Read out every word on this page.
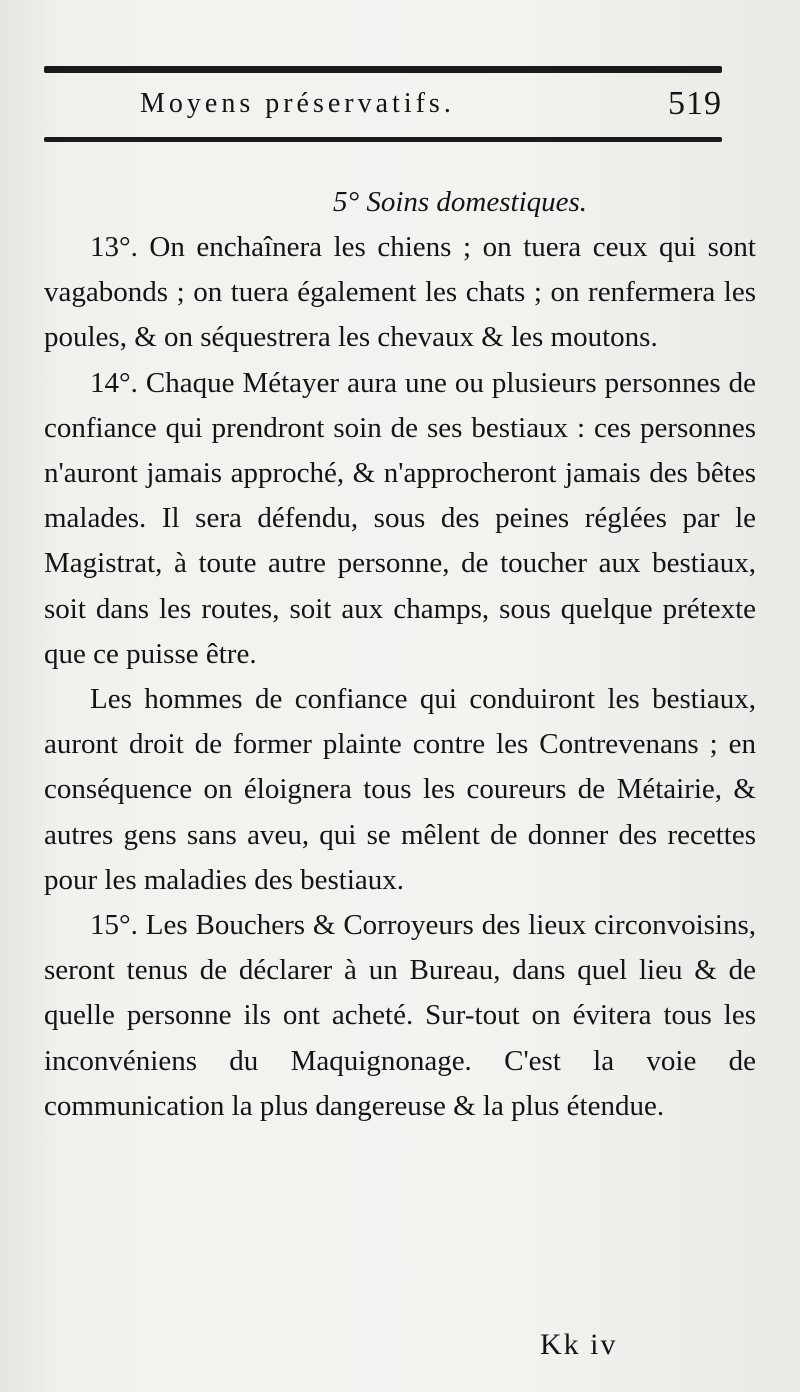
Moyens préservatifs.	519

5° Soins domestiques.

13°. On enchaînera les chiens ; on tuera ceux qui sont vagabonds ; on tuera également les chats ; on renfermera les poules, & on séquestrera les chevaux & les moutons.

14°. Chaque Métayer aura une ou plusieurs personnes de confiance qui prendront soin de ses bestiaux : ces personnes n'auront jamais approché, & n'approcheront jamais des bêtes malades. Il sera défendu, sous des peines réglées par le Magistrat, à toute autre personne, de toucher aux bestiaux, soit dans les routes, soit aux champs, sous quelque prétexte que ce puisse être.

Les hommes de confiance qui conduiront les bestiaux, auront droit de former plainte contre les Contrevenans ; en conséquence on éloignera tous les coureurs de Métairie, & autres gens sans aveu, qui se mêlent de donner des recettes pour les maladies des bestiaux.

15°. Les Bouchers & Corroyeurs des lieux circonvoisins, seront tenus de déclarer à un Bureau, dans quel lieu & de quelle personne ils ont acheté. Sur-tout on évitera tous les inconvéniens du Maquignonage. C'est la voie de communication la plus dangereuse & la plus étendue.

Kk iv
